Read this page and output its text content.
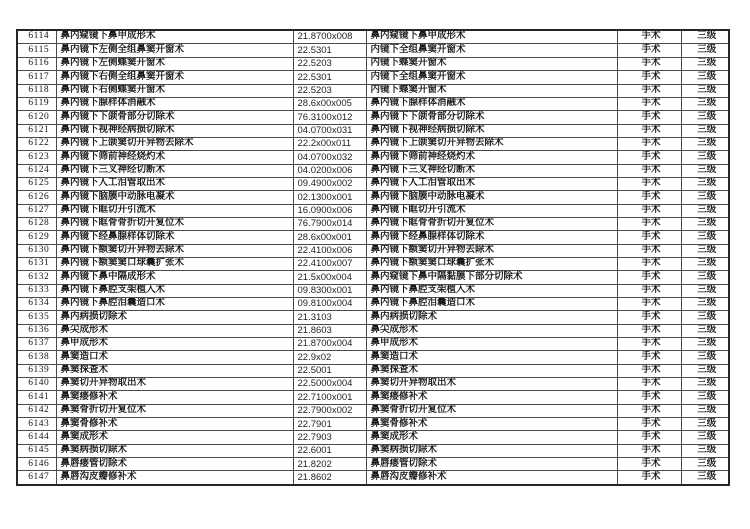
6114	鼻内窥镜下鼻甲成形术	21.8700x008	鼻内窥镜下鼻甲成形术	手术	三级
6115	鼻内镜下左侧全组鼻窦开窗术	22.5301	内镜下全组鼻窦开窗术	手术	三级
6116	鼻内镜下左侧蝶窦开窗术	22.5203	内镜下蝶窦开窗术	手术	三级
6117	鼻内镜下右侧全组鼻窦开窗术	22.5301	内镜下全组鼻窦开窗术	手术	三级
6118	鼻内镜下右侧蝶窦开窗术	22.5203	内镜下蝶窦开窗术	手术	三级
6119	鼻内镜下腺样体消融术	28.6x00x005	鼻内镜下腺样体消融术	手术	三级
6120	鼻内镜下下颌骨部分切除术	76.3100x012	鼻内镜下下颌骨部分切除术	手术	三级
6121	鼻内镜下视神经病损切除术	04.0700x031	鼻内镜下视神经病损切除术	手术	三级
6122	鼻内镜下上颌窦切开异物去除术	22.2x00x011	鼻内镜下上颌窦切开异物去除术	手术	三级
6123	鼻内镜下筛前神经烧灼术	04.0700x032	鼻内镜下筛前神经烧灼术	手术	三级
6124	鼻内镜下三叉神经切断术	04.0200x006	鼻内镜下三叉神经切断术	手术	三级
6125	鼻内镜下人工泪管取出术	09.4900x002	鼻内镜下人工泪管取出术	手术	三级
6126	鼻内镜下脑膜中动脉电凝术	02.1300x001	鼻内镜下脑膜中动脉电凝术	手术	三级
6127	鼻内镜下眶切开引流术	16.0900x006	鼻内镜下眶切开引流术	手术	三级
6128	鼻内镜下眶骨骨折切开复位术	76.7900x014	鼻内镜下眶骨骨折切开复位术	手术	三级
6129	鼻内镜下经鼻腺样体切除术	28.6x00x001	鼻内镜下经鼻腺样体切除术	手术	三级
6130	鼻内镜下额窦切开异物去除术	22.4100x006	鼻内镜下额窦切开异物去除术	手术	三级
6131	鼻内镜下额窦窦口球囊扩张术	22.4100x007	鼻内镜下额窦窦口球囊扩张术	手术	三级
6132	鼻内镜下鼻中隔成形术	21.5x00x004	鼻内窥镜下鼻中隔黏膜下部分切除术	手术	三级
6133	鼻内镜下鼻腔支架植入术	09.8300x001	鼻内镜下鼻腔支架植入术	手术	三级
6134	鼻内镜下鼻腔泪囊造口术	09.8100x004	鼻内镜下鼻腔泪囊造口术	手术	三级
6135	鼻内病损切除术	21.3103	鼻内病损切除术	手术	三级
6136	鼻尖成形术	21.8603	鼻尖成形术	手术	三级
6137	鼻甲成形术	21.8700x004	鼻甲成形术	手术	三级
6138	鼻窦造口术	22.9x02	鼻窦造口术	手术	三级
6139	鼻窦探查术	22.5001	鼻窦探查术	手术	三级
6140	鼻窦切开异物取出术	22.5000x004	鼻窦切开异物取出术	手术	三级
6141	鼻窦瘘修补术	22.7100x001	鼻窦瘘修补术	手术	三级
6142	鼻窦骨折切开复位术	22.7900x002	鼻窦骨折切开复位术	手术	三级
6143	鼻窦骨修补术	22.7901	鼻窦骨修补术	手术	三级
6144	鼻窦成形术	22.7903	鼻窦成形术	手术	三级
6145	鼻窦病损切除术	22.6001	鼻窦病损切除术	手术	三级
6146	鼻唇瘘管切除术	21.8202	鼻唇瘘管切除术	手术	三级
6147	鼻唇沟皮瓣修补术	21.8602	鼻唇沟皮瓣修补术	手术	三级
